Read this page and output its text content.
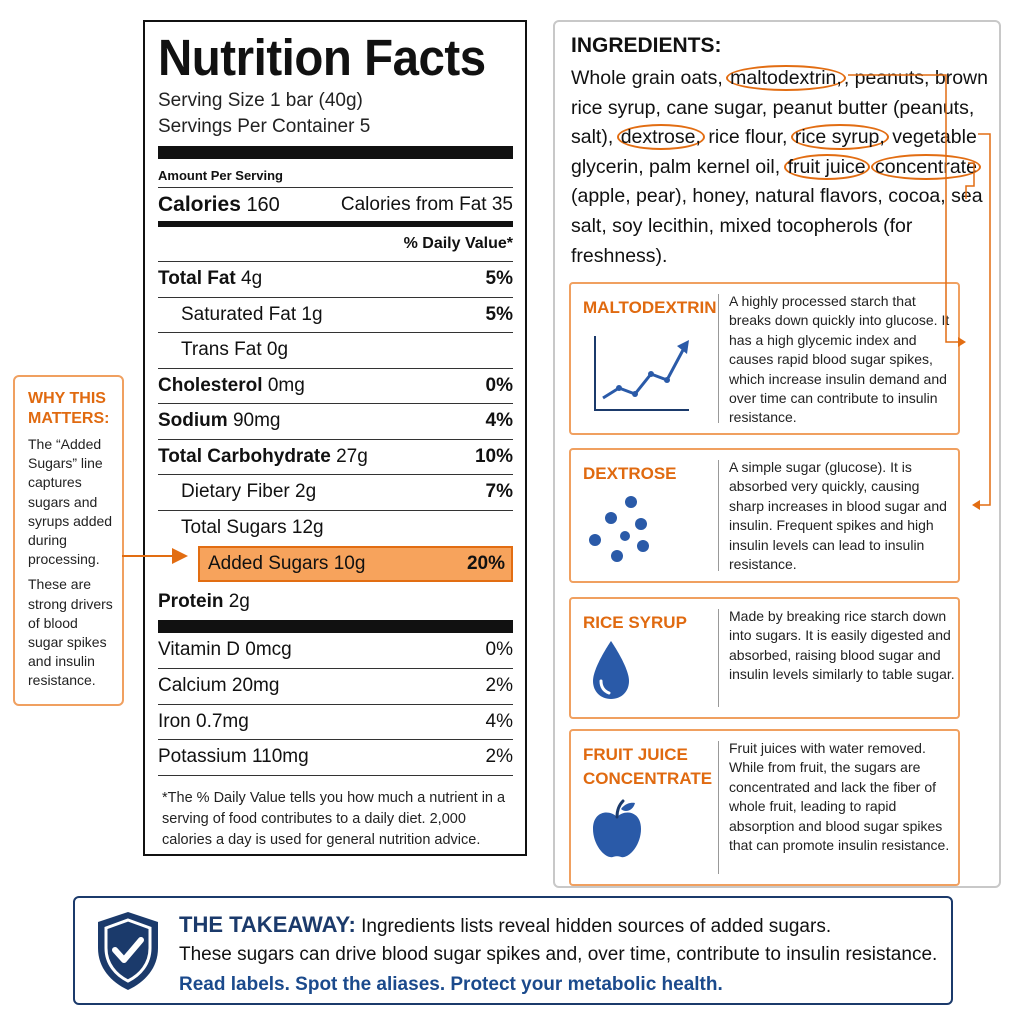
Nutrition Facts
Serving Size 1 bar (40g)
Servings Per Container 5
Amount Per Serving
Calories 160	Calories from Fat 35
% Daily Value*
Total Fat 4g	5%
Saturated Fat 1g	5%
Trans Fat 0g
Cholesterol 0mg	0%
Sodium 90mg	4%
Total Carbohydrate 27g	10%
Dietary Fiber 2g	7%
Total Sugars 12g
Added Sugars 10g	20%
Protein 2g
Vitamin D 0mcg	0%
Calcium 20mg	2%
Iron 0.7mg	4%
Potassium 110mg	2%
*The % Daily Value tells you how much a nutrient in a serving of food contributes to a daily diet. 2,000 calories a day is used for general nutrition advice.
WHY THIS MATTERS:

The “Added Sugars” line captures sugars and syrups added during processing.

These are strong drivers of blood sugar spikes and insulin resistance.

INGREDIENTS:
Whole grain oats, maltodextrin, , peanuts, brown rice syrup, cane sugar, peanut butter (peanuts, salt), dextrose, rice flour, rice syrup, vegetable glycerin, palm kernel oil, fruit juice concentrate (apple, pear), honey, natural flavors, cocoa, sea salt, soy lecithin, mixed tocopherols (for freshness).
MALTODEXTRIN A highly processed starch that breaks down quickly into glucose. It has a high glycemic index and causes rapid blood sugar spikes, which increase insulin demand and over time can contribute to insulin resistance.
DEXTROSE	A simple sugar (glucose). It is absorbed very quickly, causing sharp increases in blood sugar and insulin. Frequent spikes and high insulin levels can lead to insulin resistance.
RICE SYRUP	Made by breaking rice starch down into sugars. It is easily digested and absorbed, raising blood sugar and insulin levels similarly to table sugar.
FRUIT JUICE CONCENTRATE
Fruit juices with water removed. While from fruit, the sugars are concentrated and lack the fiber of whole fruit, leading to rapid absorption and blood sugar spikes that can promote insulin resistance.
THE TAKEAWAY: Ingredients lists reveal hidden sources of added sugars.
These sugars can drive blood sugar spikes and, over time, contribute to insulin resistance.
Read labels. Spot the aliases. Protect your metabolic health.
